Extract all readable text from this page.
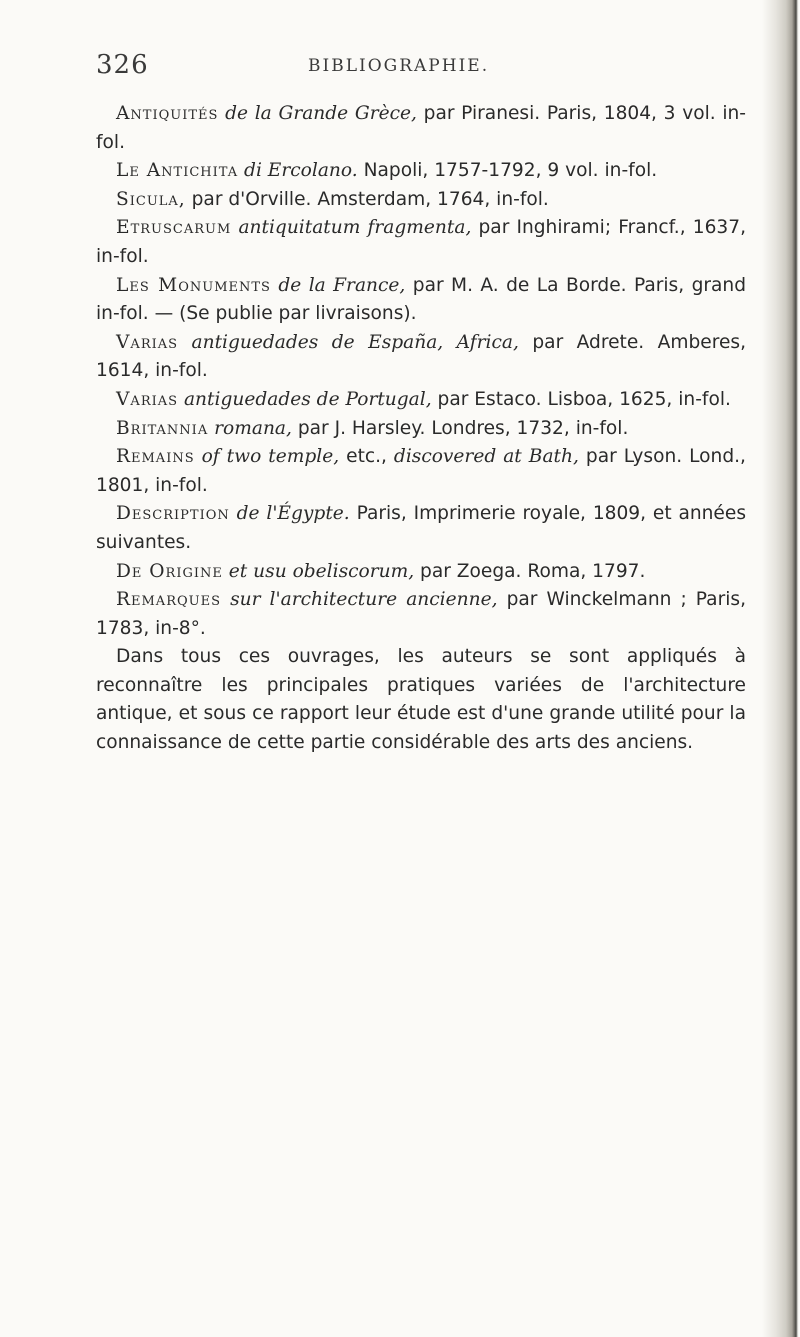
326	BIBLIOGRAPHIE.

Antiquités de la Grande Grèce, par Piranesi. Paris, 1804, 3 vol. in-fol.

Le Antichita di Ercolano. Napoli, 1757-1792, 9 vol. in-fol.

Sicula, par d'Orville. Amsterdam, 1764, in-fol.

Etruscarum antiquitatum fragmenta, par Inghirami; Francf., 1637, in-fol.

Les Monuments de la France, par M. A. de La Borde. Paris, grand in-fol. — (Se publie par livraisons).

Varias antiguedades de España, Africa, par Adrete. Amberes, 1614, in-fol.

Varias antiguedades de Portugal, par Estaco. Lisboa, 1625, in-fol.

Britannia romana, par J. Harsley. Londres, 1732, in-fol.

Remains of two temple, etc., discovered at Bath, par Lyson. Lond., 1801, in-fol.

Description de l'Égypte. Paris, Imprimerie royale, 1809, et années suivantes.

De Origine et usu obeliscorum, par Zoega. Roma, 1797.

Remarques sur l'architecture ancienne, par Winckelmann ; Paris, 1783, in-8°.

Dans tous ces ouvrages, les auteurs se sont appliqués à reconnaître les principales pratiques variées de l'architecture antique, et sous ce rapport leur étude est d'une grande utilité pour la connaissance de cette partie considérable des arts des anciens.
